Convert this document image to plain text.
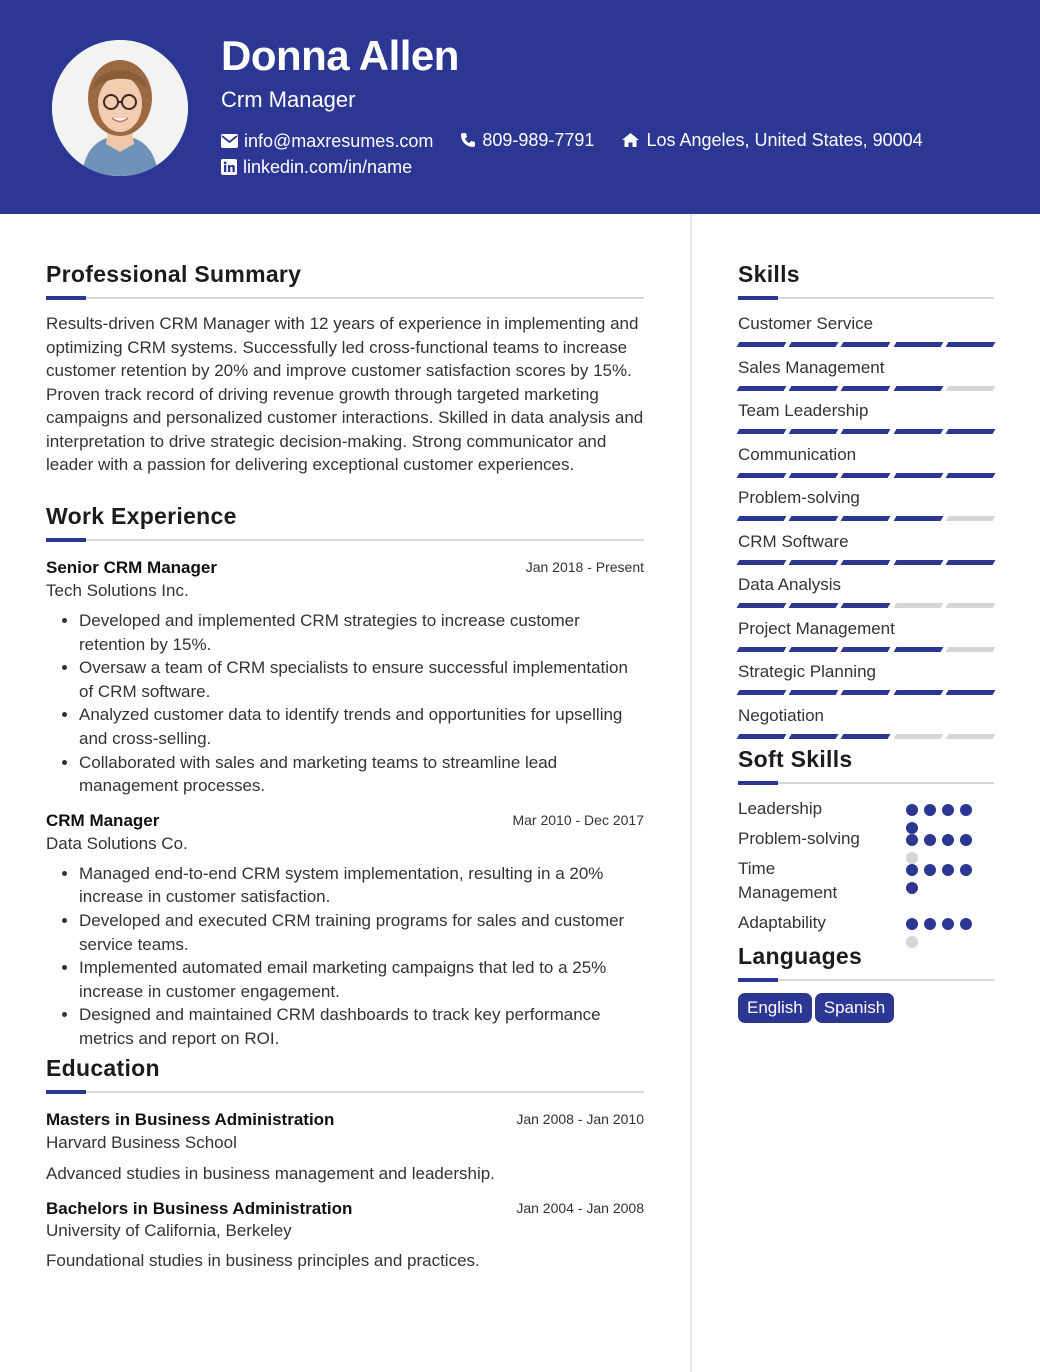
Donna Allen
Crm Manager
info@maxresumes.com
	809-989-7791
	Los Angeles, United States, 90004
linkedin.com/in/name
Professional Summary
Results-driven CRM Manager with 12 years of experience in implementing and optimizing CRM systems. Successfully led cross-functional teams to increase customer retention by 20% and improve customer satisfaction scores by 15%. Proven track record of driving revenue growth through targeted marketing campaigns and personalized customer interactions. Skilled in data analysis and interpretation to drive strategic decision-making. Strong communicator and leader with a passion for delivering exceptional customer experiences.
Work Experience
Senior CRM Manager	Jan 2018 - Present
Tech Solutions Inc.
• Developed and implemented CRM strategies to increase customer retention by 15%.
• Oversaw a team of CRM specialists to ensure successful implementation of CRM software.
• Analyzed customer data to identify trends and opportunities for upselling and cross-selling.
• Collaborated with sales and marketing teams to streamline lead management processes.
CRM Manager	Mar 2010 - Dec 2017
Data Solutions Co.
• Managed end-to-end CRM system implementation, resulting in a 20% increase in customer satisfaction.
• Developed and executed CRM training programs for sales and customer service teams.
• Implemented automated email marketing campaigns that led to a 25% increase in customer engagement.
• Designed and maintained CRM dashboards to track key performance metrics and report on ROI.
Education
Masters in Business Administration	Jan 2008 - Jan 2010
Harvard Business School
Advanced studies in business management and leadership.
Bachelors in Business Administration	Jan 2004 - Jan 2008
University of California, Berkeley
Foundational studies in business principles and practices.
Skills
Customer Service
Sales Management
Team Leadership
Communication
Problem-solving
CRM Software
Data Analysis
Project Management
Strategic Planning
Negotiation
Soft Skills
Leadership
Problem-solving
Time Management
Adaptability
Languages
English Spanish
